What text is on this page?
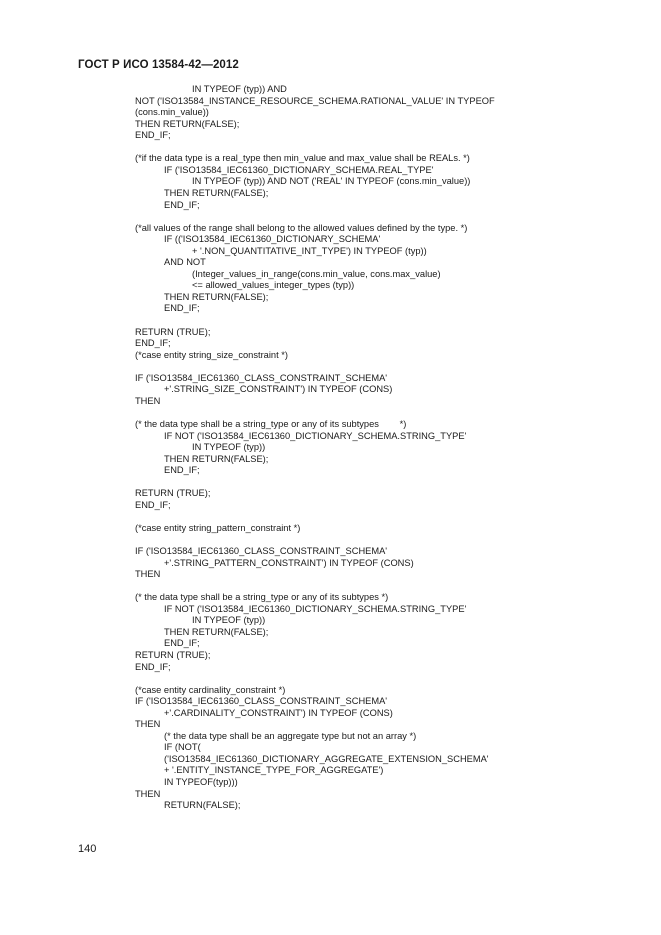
ГОСТ Р ИСО 13584-42—2012
IN TYPEOF (typ)) AND
NOT ('ISO13584_INSTANCE_RESOURCE_SCHEMA.RATIONAL_VALUE' IN TYPEOF
(cons.min_value))
THEN RETURN(FALSE);
END_IF;
(*if the data type is a real_type then min_value and max_value shall be REALs. *)
IF ('ISO13584_IEC61360_DICTIONARY_SCHEMA.REAL_TYPE'
IN TYPEOF (typ)) AND NOT ('REAL' IN TYPEOF (cons.min_value))
THEN RETURN(FALSE);
END_IF;
(*all values of the range shall belong to the allowed values defined by the type. *)
IF (('ISO13584_IEC61360_DICTIONARY_SCHEMA'
+ '.NON_QUANTITATIVE_INT_TYPE') IN TYPEOF (typ))
AND NOT
(Integer_values_in_range(cons.min_value, cons.max_value)
<= allowed_values_integer_types (typ))
THEN RETURN(FALSE);
END_IF;
RETURN (TRUE);
END_IF;
(*case entity string_size_constraint *)
IF ('ISO13584_IEC61360_CLASS_CONSTRAINT_SCHEMA'
+'.STRING_SIZE_CONSTRAINT') IN TYPEOF (CONS)
THEN
(* the data type shall be a string_type or any of its subtypes        *)
IF NOT ('ISO13584_IEC61360_DICTIONARY_SCHEMA.STRING_TYPE'
IN TYPEOF (typ))
THEN RETURN(FALSE);
END_IF;
RETURN (TRUE);
END_IF;
(*case entity string_pattern_constraint *)
IF ('ISO13584_IEC61360_CLASS_CONSTRAINT_SCHEMA'
+'.STRING_PATTERN_CONSTRAINT') IN TYPEOF (CONS)
THEN
(* the data type shall be a string_type or any of its subtypes *)
IF NOT ('ISO13584_IEC61360_DICTIONARY_SCHEMA.STRING_TYPE'
IN TYPEOF (typ))
THEN RETURN(FALSE);
END_IF;
RETURN (TRUE);
END_IF;
(*case entity cardinality_constraint *)
IF ('ISO13584_IEC61360_CLASS_CONSTRAINT_SCHEMA'
+'.CARDINALITY_CONSTRAINT') IN TYPEOF (CONS)
THEN
(* the data type shall be an aggregate type but not an array *)
IF (NOT(
('ISO13584_IEC61360_DICTIONARY_AGGREGATE_EXTENSION_SCHEMA'
+ '.ENTITY_INSTANCE_TYPE_FOR_AGGREGATE')
IN TYPEOF(typ)))
THEN
RETURN(FALSE);
140
